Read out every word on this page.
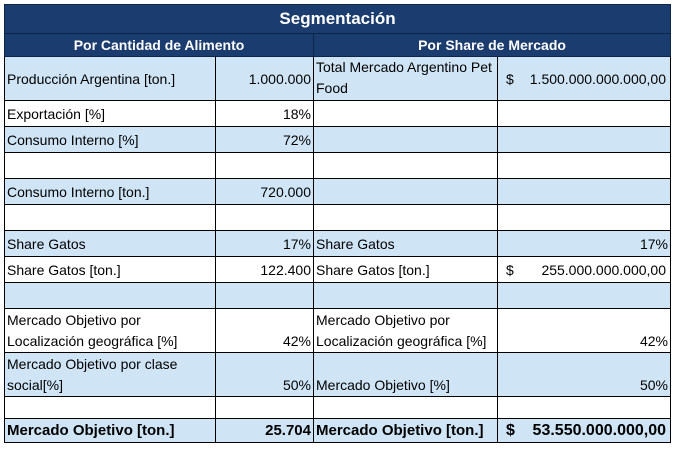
Segmentación			
Por Cantidad de Alimento		Por Share de Mercado	
Producción Argentina [ton.]	1.000.000	Total Mercado Argentino Pet Food	$ 1.500.000.000.000,00

Exportación [%]	18%		
Consumo Interno [%]	72%		

Consumo Interno [ton.]	720.000		

Share Gatos	17%	Share Gatos	17%
Share Gatos [ton.]	122.400	Share Gatos [ton.]	$ 255.000.000.000,00

Mercado Objetivo por Localización geográfica [%]	42%	Mercado Objetivo por Localización geográfica [%]	42%
Mercado Objetivo por clase social[%]	50%	Mercado Objetivo [%]	50%

Mercado Objetivo [ton.]	25.704	Mercado Objetivo [ton.]	$ 53.550.000.000,00
